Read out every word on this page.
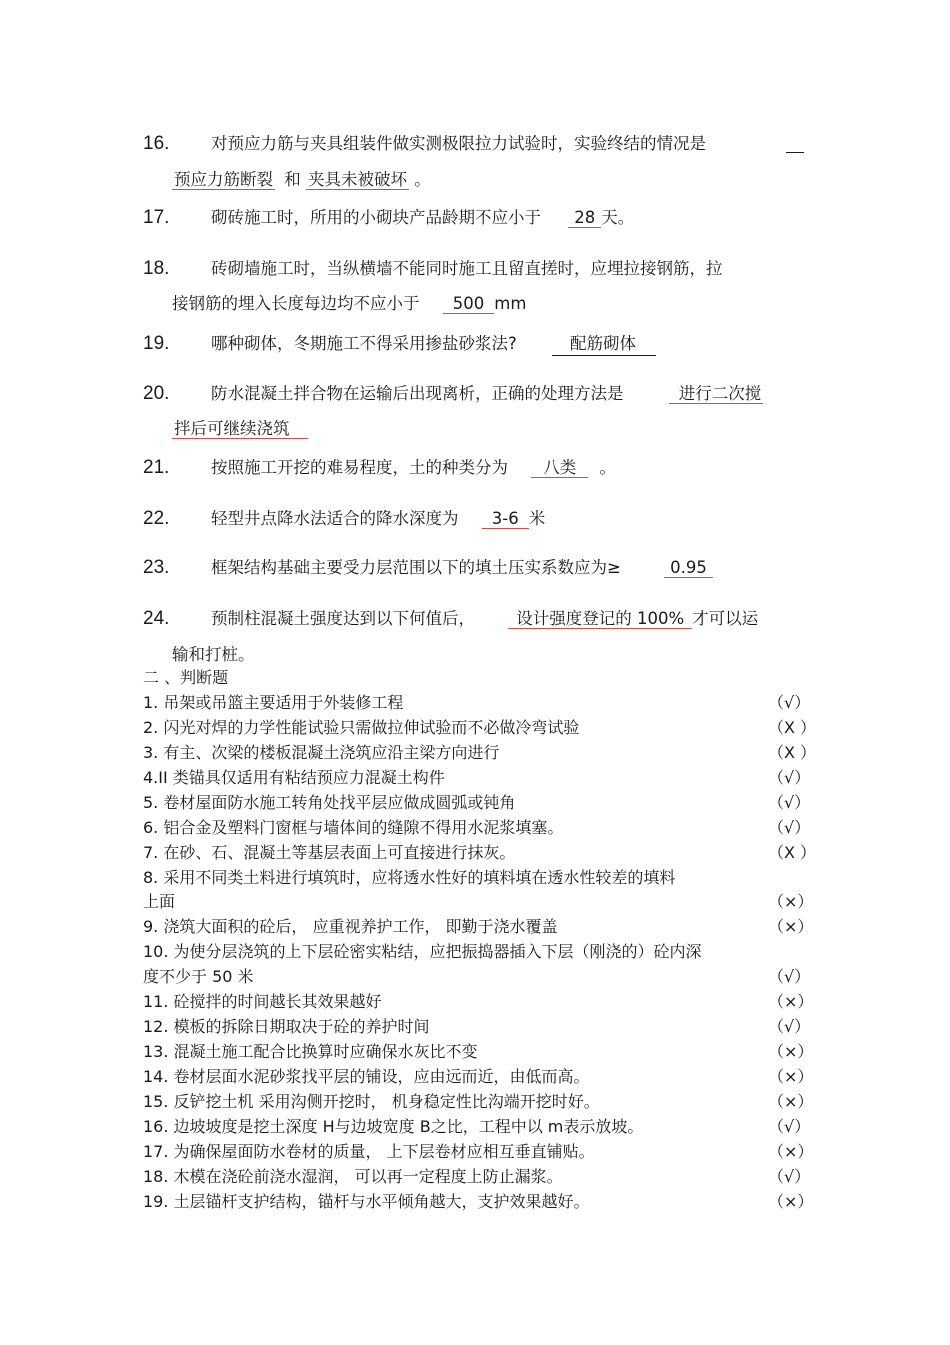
16.	对预应力筋与夹具组装件做实测极限拉力试验时，实验终结的情况是
预应力筋断裂 和 夹具未被破坏 。
17.	砌砖施工时，所用的小砌块产品龄期不应小于 28 天。
18.	砖砌墙施工时，当纵横墙不能同时施工且留直搓时，应埋拉接钢筋，拉
接钢筋的埋入长度每边均不应小于 500 mm
19.	哪种砌体，冬期施工不得采用掺盐砂浆法?	配筋砌体
20.	防水混凝土拌合物在运输后出现离析，正确的处理方法是	进行二次搅
拌后可继续浇筑
21.	按照施工开挖的难易程度，土的种类分为 八类 。
22.	轻型井点降水法适合的降水深度为 3-6 米
23.	框架结构基础主要受力层范围以下的填土压实系数应为≥	0.95
24.	预制柱混凝土强度达到以下何值后，	设计强度登记的 100% 才可以运
输和打桩。
二 、判断题
1. 吊架或吊篮主要适用于外装修工程	（√）
2. 闪光对焊的力学性能试验只需做拉伸试验而不必做冷弯试验	（X ）
3. 有主、次梁的楼板混凝土浇筑应沿主梁方向进行	（X ）
4.II 类锚具仅适用有粘结预应力混凝土构件	（√）
5. 卷材屋面防水施工转角处找平层应做成圆弧或钝角	（√）
6. 铝合金及塑料门窗框与墙体间的缝隙不得用水泥浆填塞。	（√）
7. 在砂、石、混凝土等基层表面上可直接进行抹灰。	（X ）
8. 采用不同类土料进行填筑时，应将透水性好的填料填在透水性较差的填料
上面	（×）
9. 浇筑大面积的砼后， 应重视养护工作， 即勤于浇水覆盖	（×）
10. 为使分层浇筑的上下层砼密实粘结，应把振捣器插入下层（刚浇的）砼内深
度不少于 50 米	（√）
11. 砼搅拌的时间越长其效果越好	（×）
12. 模板的拆除日期取决于砼的养护时间	（√）
13. 混凝土施工配合比换算时应确保水灰比不变	（×）
14. 卷材层面水泥砂浆找平层的铺设，应由远而近，由低而高。	（×）
15. 反铲挖土机 采用沟侧开挖时， 机身稳定性比沟端开挖时好。	（×）
16. 边坡坡度是挖土深度 H与边坡宽度 B之比，工程中以 m表示放坡。	（√）
17. 为确保屋面防水卷材的质量， 上下层卷材应相互垂直铺贴。	（×）
18. 木模在浇砼前浇水湿润， 可以再一定程度上防止漏浆。	（√）
19. 土层锚杆支护结构，锚杆与水平倾角越大，支护效果越好。	（×）
